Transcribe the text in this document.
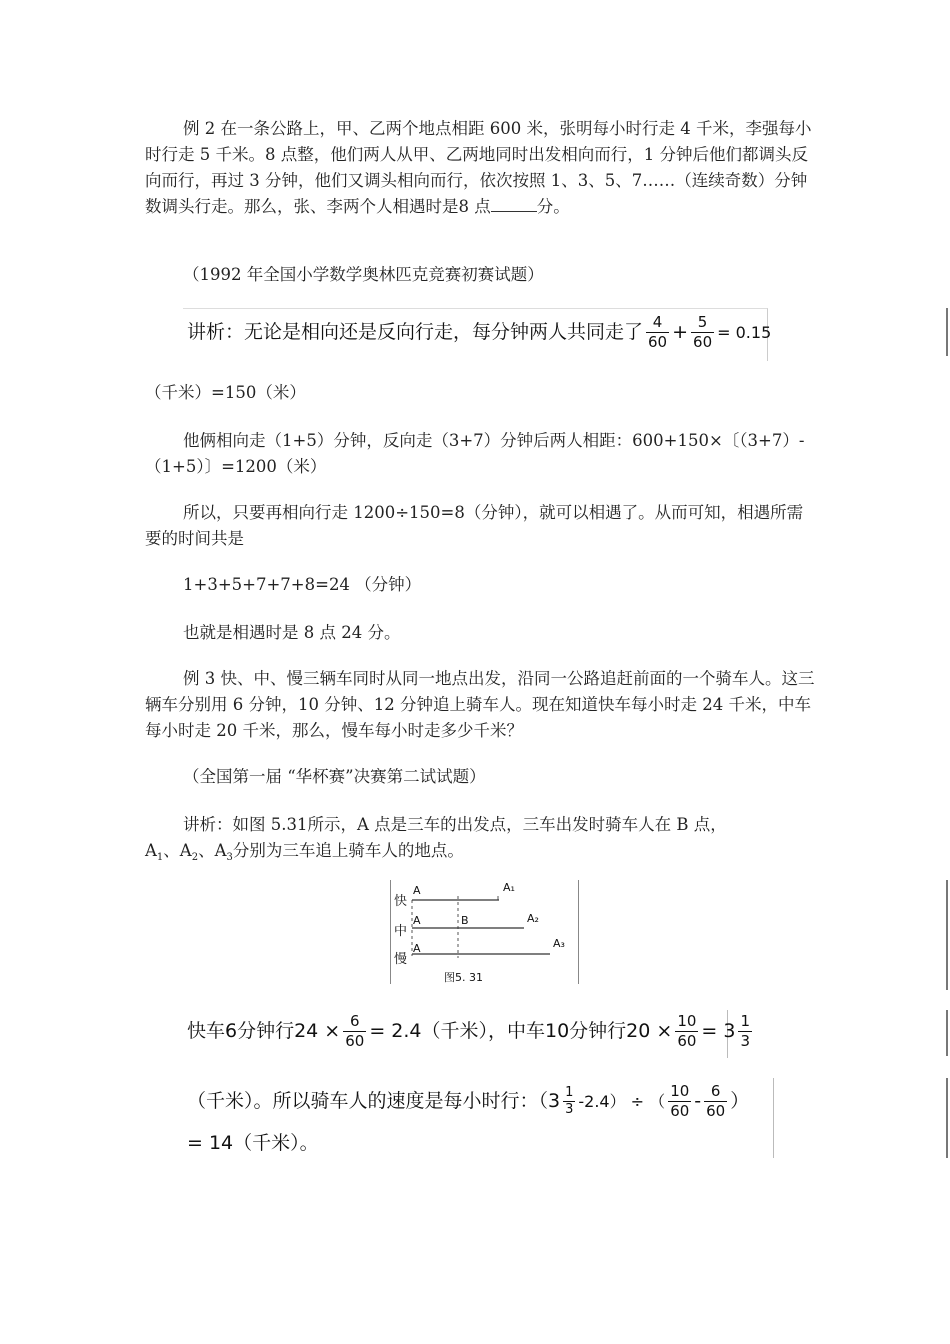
例 2 在一条公路上，甲、乙两个地点相距 600 米，张明每小时行走 4 千米，李强每小时行走 5 千米。8 点整，他们两人从甲、乙两地同时出发相向而行，1 分钟后他们都调头反向而行，再过 3 分钟，他们又调头相向而行，依次按照 1、3、5、7……（连续奇数）分钟数调头行走。那么，张、李两个人相遇时是8 点	分。

（1992 年全国小学数学奥林匹克竞赛初赛试题）

讲析：无论是相向还是反向行走，每分钟两人共同走了 $\frac{4}{60} + \frac{5}{60} = 0.15$

（千米）=150（米）

他俩相向走（1+5）分钟，反向走（3+7）分钟后两人相距：600+150×〔（3+7）-（1+5）〕=1200（米）

所以，只要再相向行走 1200÷150=8（分钟），就可以相遇了。从而可知，相遇所需要的时间共是

1+3+5+7+7+8=24 （分钟）

也就是相遇时是 8 点 24 分。

例 3 快、中、慢三辆车同时从同一地点出发，沿同一公路追赶前面的一个骑车人。这三辆车分别用 6 分钟，10 分钟、12 分钟追上骑车人。现在知道快车每小时走 24 千米，中车每小时走 20 千米，那么，慢车每小时走多少千米？

（全国第一届 “华杯赛”决赛第二试试题）

讲析：如图 5.31所示，A 点是三车的出发点，三车出发时骑车人在 B 点，

$A_1$、$A_2$、$A_3$分别为三车追上骑车人的地点。

快
中
慢
A
A
A
B
A₁
A₂
A₃
图5. 31
快车6分钟行$24 \times \frac{6}{60} = 2.4$（千米），中车10分钟行$20 \times \frac{10}{60} = 3 \frac{1}{3}$
（千米）。所以骑车人的速度是每小时行：$(3 \frac{1}{3} -2.4)$ ÷ （ $\frac{10}{60} - \frac{6}{60}$ ）
= 14（千米）。
